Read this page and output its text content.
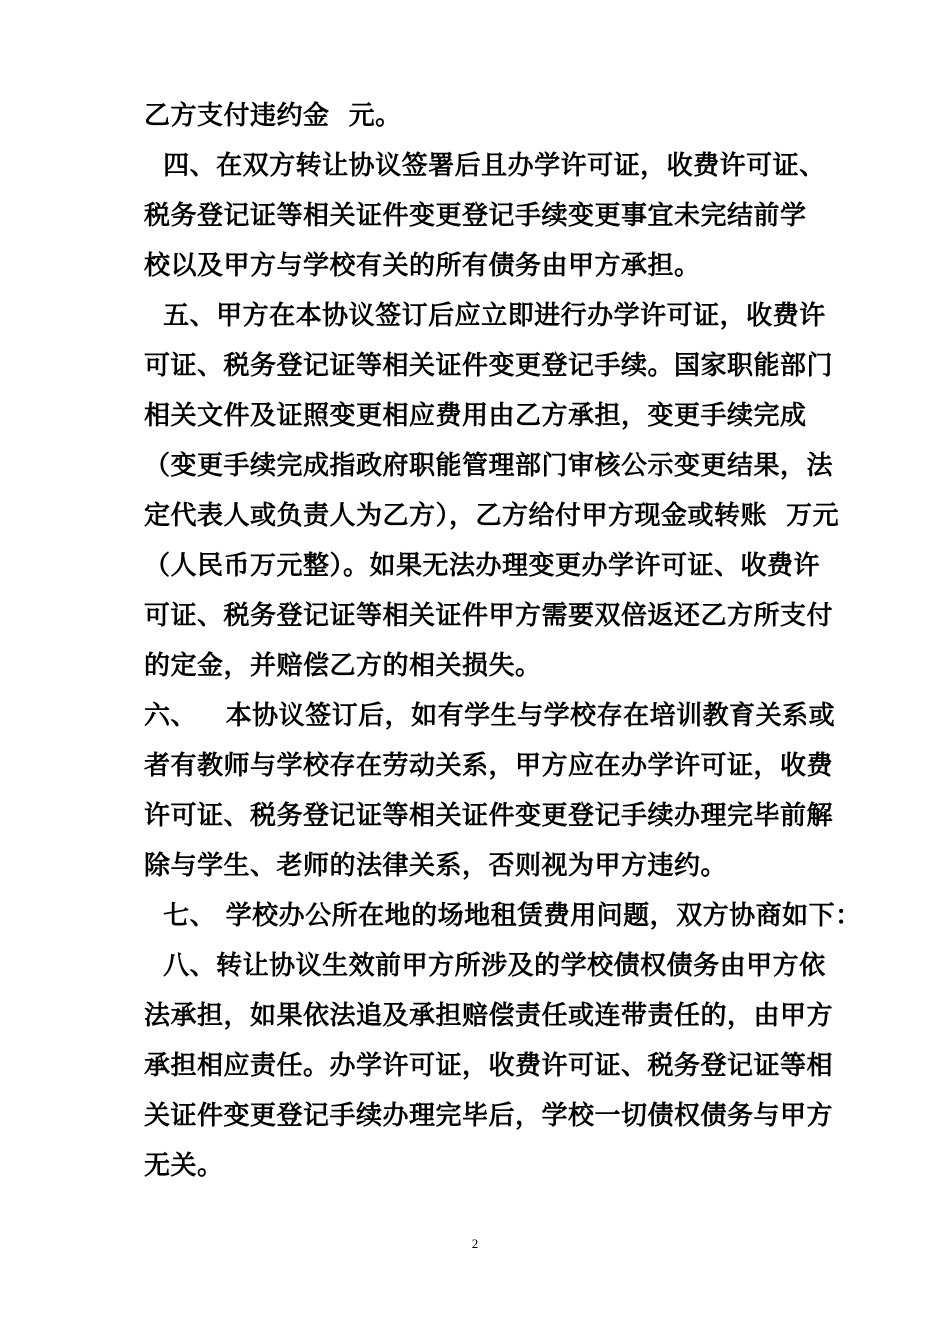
乙方支付违约金  元。
四、在双方转让协议签署后且办学许可证，收费许可证、
税务登记证等相关证件变更登记手续变更事宜未完结前学
校以及甲方与学校有关的所有债务由甲方承担。
五、甲方在本协议签订后应立即进行办学许可证，收费许
可证、税务登记证等相关证件变更登记手续。国家职能部门
相关文件及证照变更相应费用由乙方承担，变更手续完成
（变更手续完成指政府职能管理部门审核公示变更结果，法
定代表人或负责人为乙方），乙方给付甲方现金或转账  万元
（人民币万元整）。如果无法办理变更办学许可证、收费许
可证、税务登记证等相关证件甲方需要双倍返还乙方所支付
的定金，并赔偿乙方的相关损失。
六、   本协议签订后，如有学生与学校存在培训教育关系或
者有教师与学校存在劳动关系，甲方应在办学许可证，收费
许可证、税务登记证等相关证件变更登记手续办理完毕前解
除与学生、老师的法律关系，否则视为甲方违约。
七、 学校办公所在地的场地租赁费用问题，双方协商如下：
八、转让协议生效前甲方所涉及的学校债权债务由甲方依
法承担，如果依法追及承担赔偿责任或连带责任的，由甲方
承担相应责任。办学许可证，收费许可证、税务登记证等相
关证件变更登记手续办理完毕后，学校一切债权债务与甲方
无关。
2
